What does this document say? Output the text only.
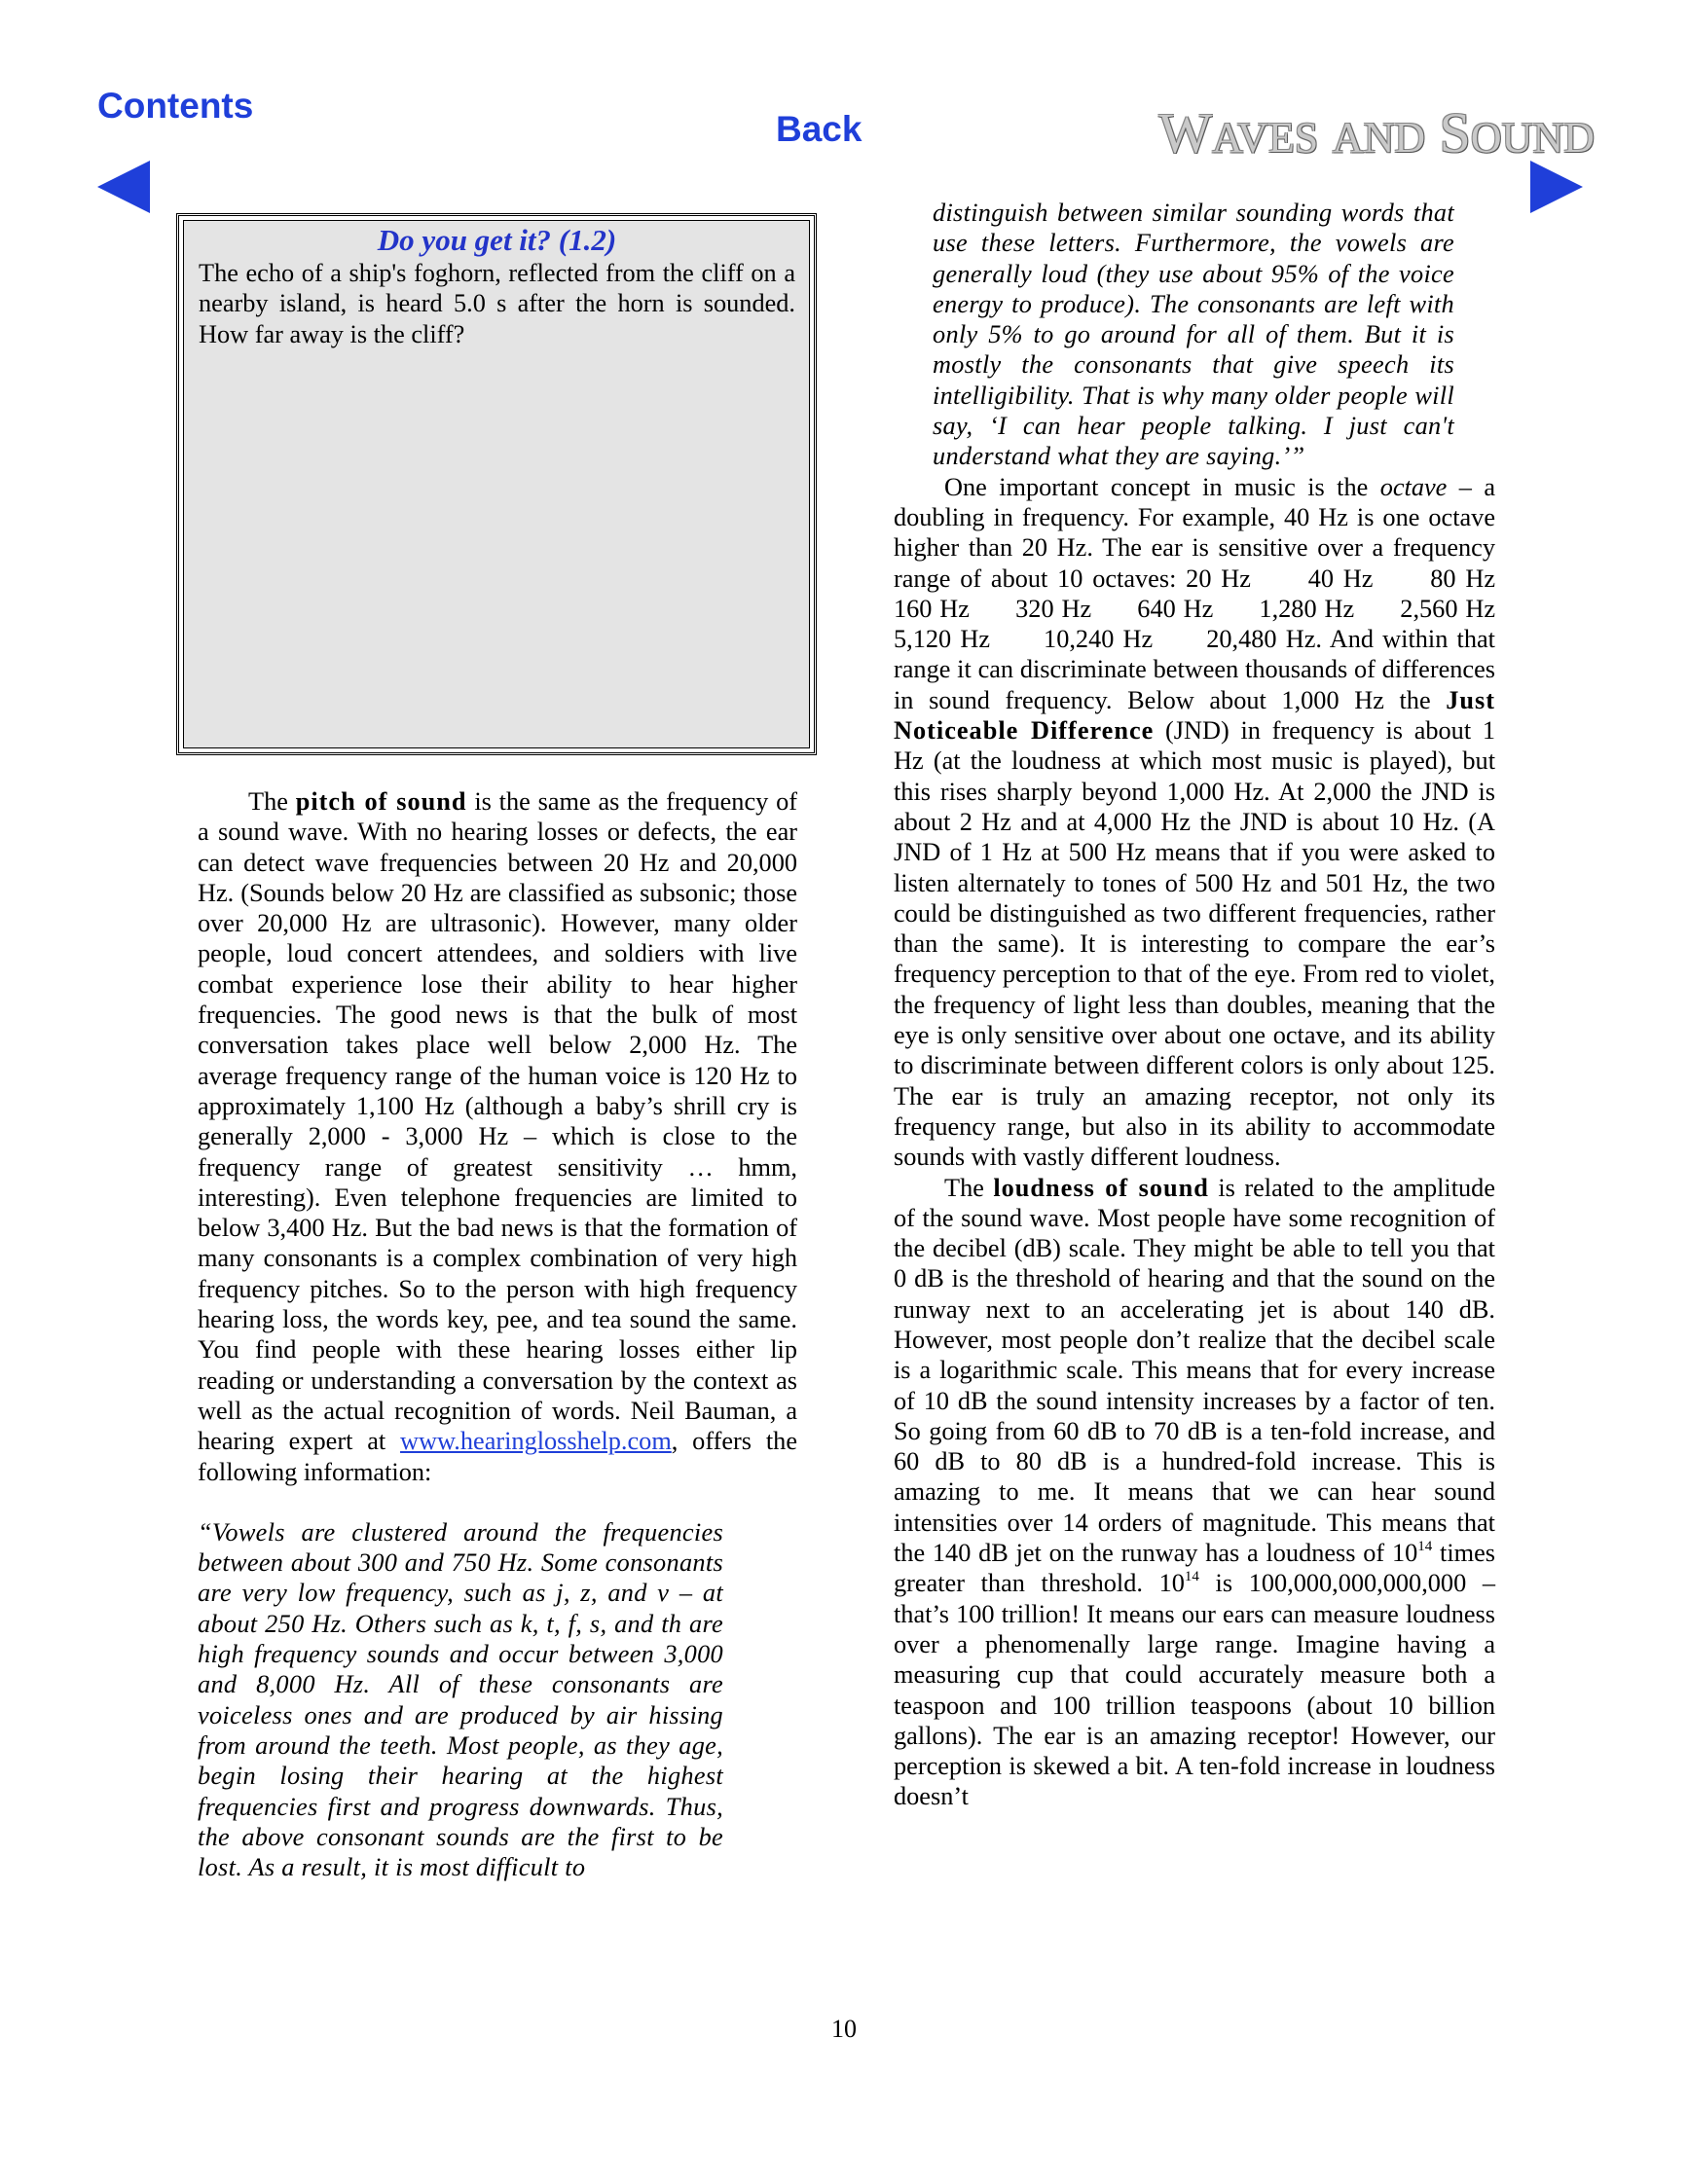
Contents
Back	WAVES AND SOUND

Do you get it? (1.2)

The echo of a ship's foghorn, reflected from the cliff on a nearby island, is heard 5.0 s after the horn is sounded. How far away is the cliff?

The pitch of sound is the same as the frequency of a sound wave. With no hearing losses or defects, the ear can detect wave frequencies between 20 Hz and 20,000 Hz. (Sounds below 20 Hz are classified as subsonic; those over 20,000 Hz are ultrasonic). However, many older people, loud concert attendees, and soldiers with live combat experience lose their ability to hear higher frequencies. The good news is that the bulk of most conversation takes place well below 2,000 Hz. The average frequency range of the human voice is 120 Hz to approximately 1,100 Hz (although a baby’s shrill cry is generally 2,000 - 3,000 Hz – which is close to the frequency range of greatest sensitivity … hmm, interesting). Even telephone frequencies are limited to below 3,400 Hz. But the bad news is that the formation of many consonants is a complex combination of very high frequency pitches. So to the person with high frequency hearing loss, the words key, pee, and tea sound the same. You find people with these hearing losses either lip reading or understanding a conversation by the context as well as the actual recognition of words. Neil Bauman, a hearing expert at www.hearinglosshelp.com, offers the following information:

“Vowels are clustered around the frequencies between about 300 and 750 Hz. Some consonants are very low frequency, such as j, z, and v – at about 250 Hz. Others such as k, t, f, s, and th are high frequency sounds and occur between 3,000 and 8,000 Hz. All of these consonants are voiceless ones and are produced by air hissing from around the teeth. Most people, as they age, begin losing their hearing at the highest frequencies first and progress downwards. Thus, the above consonant sounds are the first to be lost. As a result, it is most difficult to

distinguish between similar sounding words that use these letters. Furthermore, the vowels are generally loud (they use about 95% of the voice energy to produce). The consonants are left with only 5% to go around for all of them. But it is mostly the consonants that give speech its intelligibility. That is why many older people will say, ‘I can hear people talking. I just can't understand what they are saying.’”

One important concept in music is the octave – a doubling in frequency. For example, 40 Hz is one octave higher than 20 Hz. The ear is sensitive over a frequency range of about 10 octaves: 20 Hz      40 Hz      80 Hz      160 Hz      320 Hz      640 Hz      1,280 Hz      2,560 Hz      5,120 Hz      10,240 Hz      20,480 Hz. And within that range it can discriminate between thousands of differences in sound frequency. Below about 1,000 Hz the Just Noticeable Difference (JND) in frequency is about 1 Hz (at the loudness at which most music is played), but this rises sharply beyond 1,000 Hz. At 2,000 the JND is about 2 Hz and at 4,000 Hz the JND is about 10 Hz. (A JND of 1 Hz at 500 Hz means that if you were asked to listen alternately to tones of 500 Hz and 501 Hz, the two could be distinguished as two different frequencies, rather than the same). It is interesting to compare the ear’s frequency perception to that of the eye. From red to violet, the frequency of light less than doubles, meaning that the eye is only sensitive over about one octave, and its ability to discriminate between different colors is only about 125. The ear is truly an amazing receptor, not only its frequency range, but also in its ability to accommodate sounds with vastly different loudness.

The loudness of sound is related to the amplitude of the sound wave. Most people have some recognition of the decibel (dB) scale. They might be able to tell you that 0 dB is the threshold of hearing and that the sound on the runway next to an accelerating jet is about 140 dB. However, most people don’t realize that the decibel scale is a logarithmic scale. This means that for every increase of 10 dB the sound intensity increases by a factor of ten. So going from 60 dB to 70 dB is a ten-fold increase, and 60 dB to 80 dB is a hundred-fold increase. This is amazing to me. It means that we can hear sound intensities over 14 orders of magnitude. This means that the 140 dB jet on the runway has a loudness of $10^{14}$ times greater than threshold. $10^{14}$ is 100,000,000,000,000 – that’s 100 trillion! It means our ears can measure loudness over a phenomenally large range. Imagine having a measuring cup that could accurately measure both a teaspoon and 100 trillion teaspoons (about 10 billion gallons). The ear is an amazing receptor! However, our perception is skewed a bit. A ten-fold increase in loudness doesn’t

10
